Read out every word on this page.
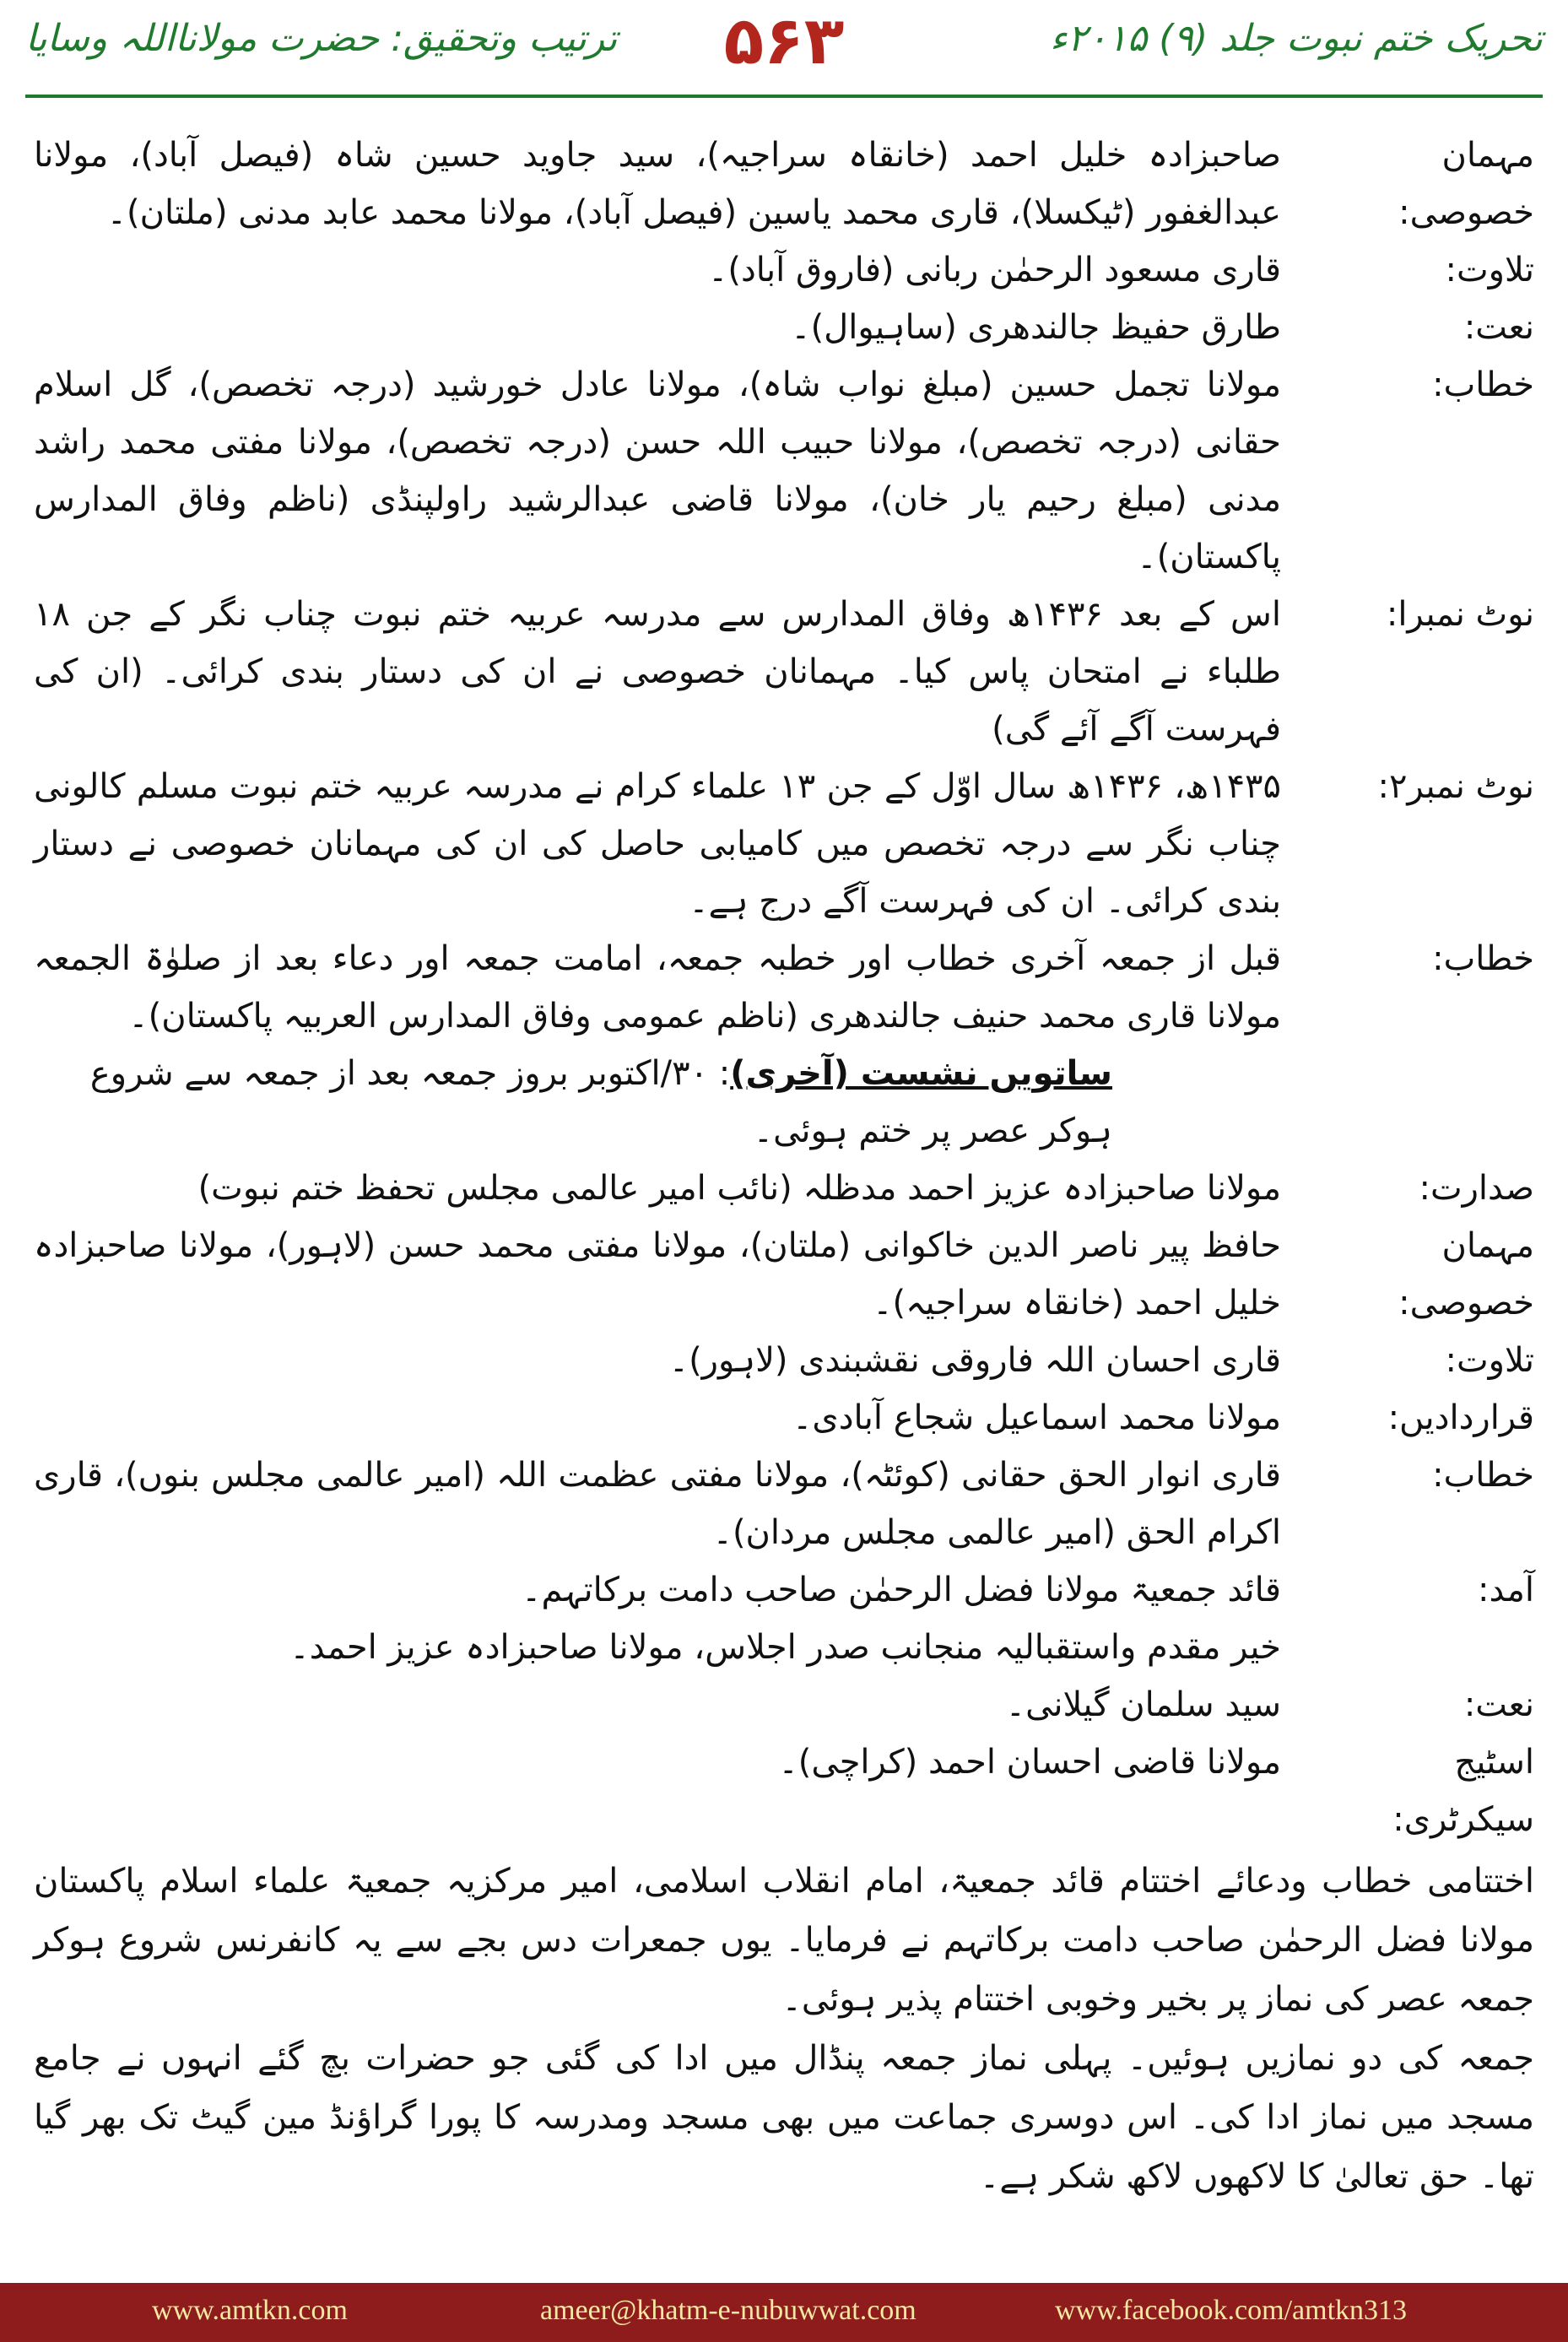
تحریک ختم نبوت جلد (۹) ۲۰۱۵ء
۵۶۳
ترتیب وتحقیق: حضرت مولانااللہ وسایا
مہمان خصوصی:
صاحبزادہ خلیل احمد (خانقاہ سراجیہ)، سید جاوید حسین شاہ (فیصل آباد)، مولانا عبدالغفور (ٹیکسلا)، قاری محمد یاسین (فیصل آباد)، مولانا محمد عابد مدنی (ملتان)۔
تلاوت:
قاری مسعود الرحمٰن ربانی (فاروق آباد)۔
نعت:
طارق حفیظ جالندھری (ساہیوال)۔
خطاب:
مولانا تجمل حسین (مبلغ نواب شاہ)، مولانا عادل خورشید (درجہ تخصص)، گل اسلام حقانی (درجہ تخصص)، مولانا حبیب اللہ حسن (درجہ تخصص)، مولانا مفتی محمد راشد مدنی (مبلغ رحیم یار خان)، مولانا قاضی عبدالرشید راولپنڈی (ناظم وفاق المدارس پاکستان)۔
نوٹ نمبرا:
اس کے بعد ۱۴۳۶ھ وفاق المدارس سے مدرسہ عربیہ ختم نبوت چناب نگر کے جن ۱۸ طلباء نے امتحان پاس کیا۔ مہمانان خصوصی نے ان کی دستار بندی کرائی۔ (ان کی فہرست آگے آئے گی)
نوٹ نمبر۲:
۱۴۳۵ھ، ۱۴۳۶ھ سال اوّل کے جن ۱۳ علماء کرام نے مدرسہ عربیہ ختم نبوت مسلم کالونی چناب نگر سے درجہ تخصص میں کامیابی حاصل کی ان کی مہمانان خصوصی نے دستار بندی کرائی۔ ان کی فہرست آگے درج ہے۔
خطاب:
قبل از جمعہ آخری خطاب اور خطبہ جمعہ، امامت جمعہ اور دعاء بعد از صلوٰۃ الجمعہ مولانا قاری محمد حنیف جالندھری (ناظم عمومی وفاق المدارس العربیہ پاکستان)۔
ساتویں نشست (آخری): ۳۰/اکتوبر بروز جمعہ بعد از جمعہ سے شروع ہوکر عصر پر ختم ہوئی۔
صدارت:
مولانا صاحبزادہ عزیز احمد مدظلہ (نائب امیر عالمی مجلس تحفظ ختم نبوت)
مہمان خصوصی:
حافظ پیر ناصر الدین خاکوانی (ملتان)، مولانا مفتی محمد حسن (لاہور)، مولانا صاحبزادہ خلیل احمد (خانقاہ سراجیہ)۔
تلاوت:
قاری احسان اللہ فاروقی نقشبندی (لاہور)۔
قراردادیں:
مولانا محمد اسماعیل شجاع آبادی۔
خطاب:
قاری انوار الحق حقانی (کوئٹہ)، مولانا مفتی عظمت اللہ (امیر عالمی مجلس بنوں)، قاری اکرام الحق (امیر عالمی مجلس مردان)۔
آمد:
قائد جمعیۃ مولانا فضل الرحمٰن صاحب دامت برکاتہم۔
خیر مقدم واستقبالیہ منجانب صدر اجلاس، مولانا صاحبزادہ عزیز احمد۔
نعت:
سید سلمان گیلانی۔
اسٹیج سیکرٹری:
مولانا قاضی احسان احمد (کراچی)۔
اختتامی خطاب ودعائے اختتام قائد جمعیۃ، امام انقلاب اسلامی، امیر مرکزیہ جمعیۃ علماء اسلام پاکستان مولانا فضل الرحمٰن صاحب دامت برکاتہم نے فرمایا۔ یوں جمعرات دس بجے سے یہ کانفرنس شروع ہوکر جمعہ عصر کی نماز پر بخیر وخوبی اختتام پذیر ہوئی۔
جمعہ کی دو نمازیں ہوئیں۔ پہلی نماز جمعہ پنڈال میں ادا کی گئی جو حضرات بچ گئے انہوں نے جامع مسجد میں نماز ادا کی۔ اس دوسری جماعت میں بھی مسجد ومدرسہ کا پورا گراؤنڈ مین گیٹ تک بھر گیا تھا۔ حق تعالیٰ کا لاکھوں لاکھ شکر ہے۔
www.amtkn.com	ameer@khatm-e-nubuwwat.com	www.facebook.com/amtkn313
